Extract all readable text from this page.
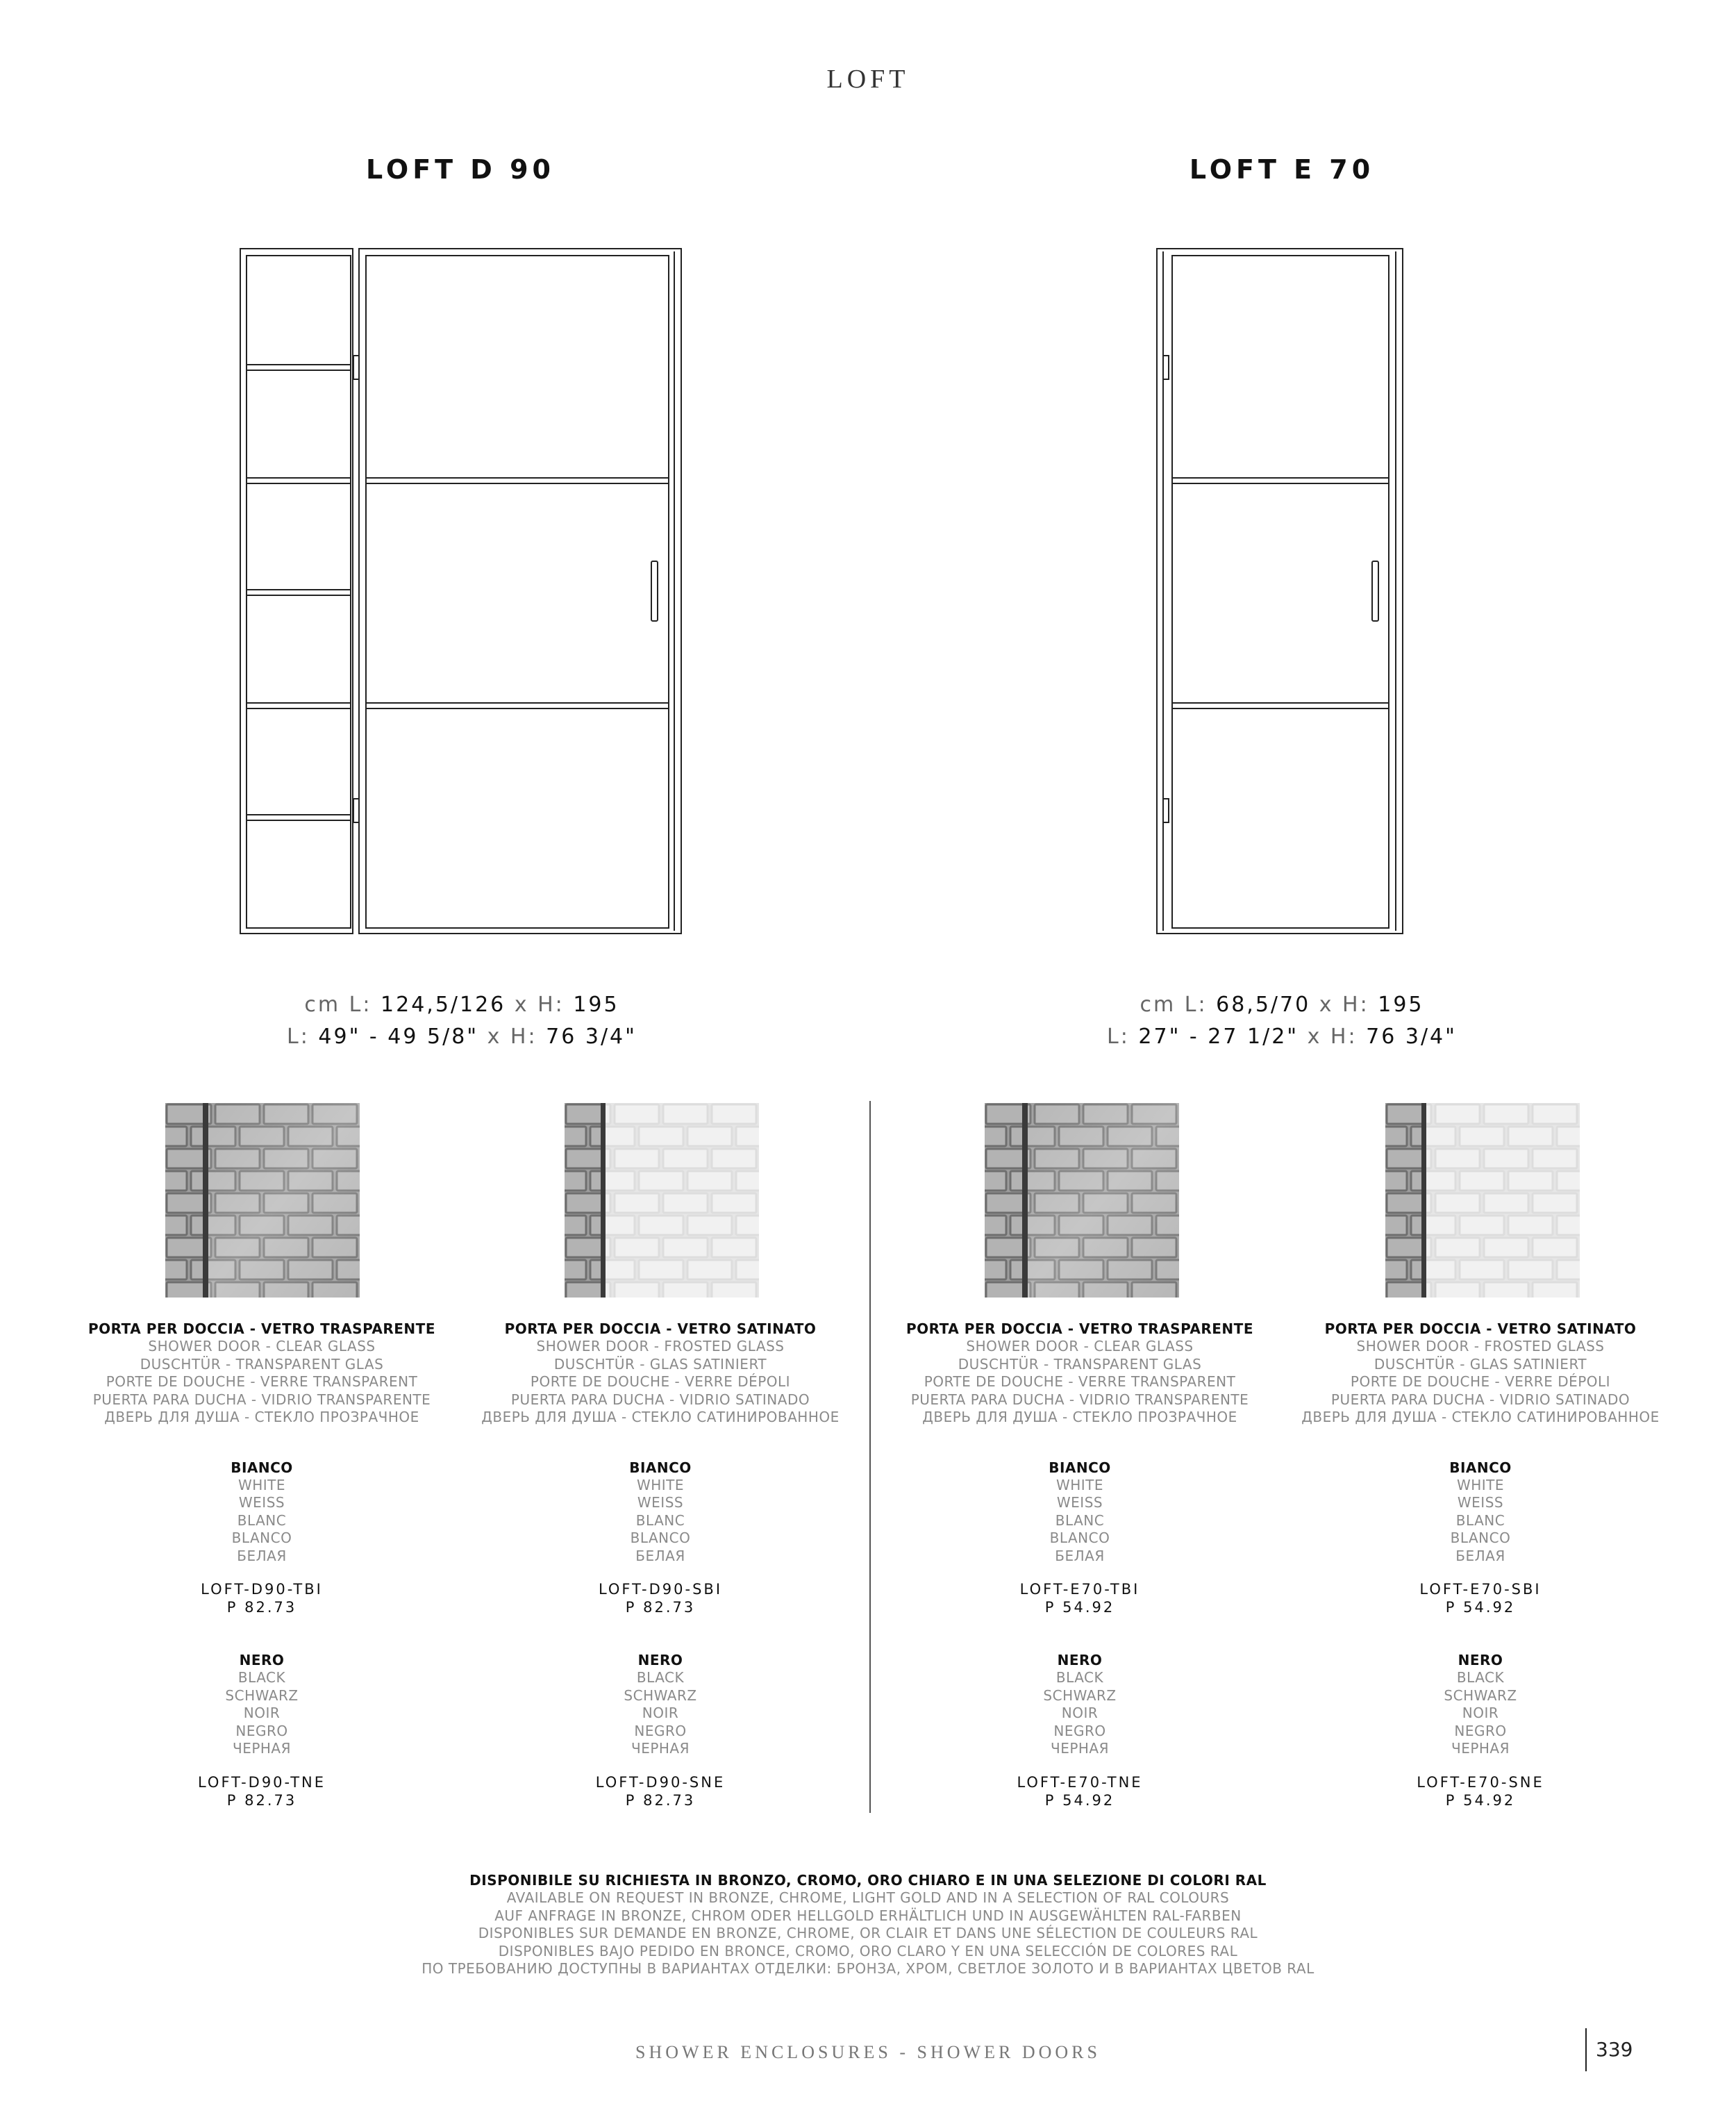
LOFT
LOFT D 90	LOFT E 70
cm L: 124,5/126 x H: 195
L: 49" - 49 5/8" x H: 76 3/4"
cm L: 68,5/70 x H: 195
L: 27" - 27 1/2" x H: 76 3/4"
PORTA PER DOCCIA - VETRO TRASPARENTE
SHOWER DOOR - CLEAR GLASS
DUSCHTÜR - TRANSPARENT GLAS
PORTE DE DOUCHE - VERRE TRANSPARENT
PUERTA PARA DUCHA - VIDRIO TRANSPARENTE
ДВЕРЬ ДЛЯ ДУША - СТЕКЛО ПРОЗРАЧНОЕ
BIANCO
WHITE
WEISS
BLANC
BLANCO
БЕЛАЯ
LOFT-D90-TBI
P 82.73
NERO
BLACK
SCHWARZ
NOIR
NEGRO
ЧЕРНАЯ
LOFT-D90-TNE
P 82.73
PORTA PER DOCCIA - VETRO SATINATO
SHOWER DOOR - FROSTED GLASS
DUSCHTÜR - GLAS SATINIERT
PORTE DE DOUCHE - VERRE DÉPOLI
PUERTA PARA DUCHA - VIDRIO SATINADO
ДВЕРЬ ДЛЯ ДУША - СТЕКЛО САТИНИРОВАННОЕ
BIANCO
WHITE
WEISS
BLANC
BLANCO
БЕЛАЯ
LOFT-D90-SBI
P 82.73
NERO
BLACK
SCHWARZ
NOIR
NEGRO
ЧЕРНАЯ
LOFT-D90-SNE
P 82.73
PORTA PER DOCCIA - VETRO TRASPARENTE
SHOWER DOOR - CLEAR GLASS
DUSCHTÜR - TRANSPARENT GLAS
PORTE DE DOUCHE - VERRE TRANSPARENT
PUERTA PARA DUCHA - VIDRIO TRANSPARENTE
ДВЕРЬ ДЛЯ ДУША - СТЕКЛО ПРОЗРАЧНОЕ
BIANCO
WHITE
WEISS
BLANC
BLANCO
БЕЛАЯ
LOFT-E70-TBI
P 54.92
NERO
BLACK
SCHWARZ
NOIR
NEGRO
ЧЕРНАЯ
LOFT-E70-TNE
P 54.92
PORTA PER DOCCIA - VETRO SATINATO
SHOWER DOOR - FROSTED GLASS
DUSCHTÜR - GLAS SATINIERT
PORTE DE DOUCHE - VERRE DÉPOLI
PUERTA PARA DUCHA - VIDRIO SATINADO
ДВЕРЬ ДЛЯ ДУША - СТЕКЛО САТИНИРОВАННОЕ
BIANCO
WHITE
WEISS
BLANC
BLANCO
БЕЛАЯ
LOFT-E70-SBI
P 54.92
NERO
BLACK
SCHWARZ
NOIR
NEGRO
ЧЕРНАЯ
LOFT-E70-SNE
P 54.92
DISPONIBILE SU RICHIESTA IN BRONZO, CROMO, ORO CHIARO E IN UNA SELEZIONE DI COLORI RAL
AVAILABLE ON REQUEST IN BRONZE, CHROME, LIGHT GOLD AND IN A SELECTION OF RAL COLOURS
AUF ANFRAGE IN BRONZE, CHROM ODER HELLGOLD ERHÄLTLICH UND IN AUSGEWÄHLTEN RAL-FARBEN
DISPONIBLES SUR DEMANDE EN BRONZE, CHROME, OR CLAIR ET DANS UNE SÉLECTION DE COULEURS RAL
DISPONIBLES BAJO PEDIDO EN BRONCE, CROMO, ORO CLARO Y EN UNA SELECCIÓN DE COLORES RAL
ПО ТРЕБОВАНИЮ ДОСТУПНЫ В ВАРИАНТАХ ОТДЕЛКИ: БРОНЗА, ХРОМ, СВЕТЛОЕ ЗОЛОТО И В ВАРИАНТАХ ЦВЕТОВ RAL
SHOWER ENCLOSURES - SHOWER DOORS	339
